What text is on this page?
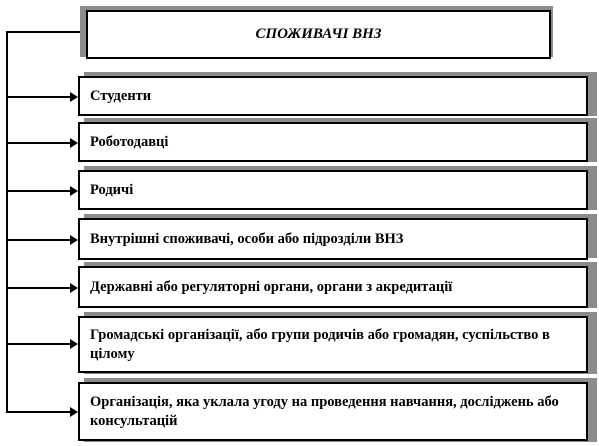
СПОЖИВАЧІ ВНЗ
Студенти
Роботодавці
Родичі
Внутрішні споживачі, особи або підрозділи ВНЗ
Державні або регуляторні органи, органи з акредитації
Громадські організації, або групи родичів або громадян, суспільство в цілому
Організація, яка уклала угоду на проведення навчання, досліджень або консультацій
